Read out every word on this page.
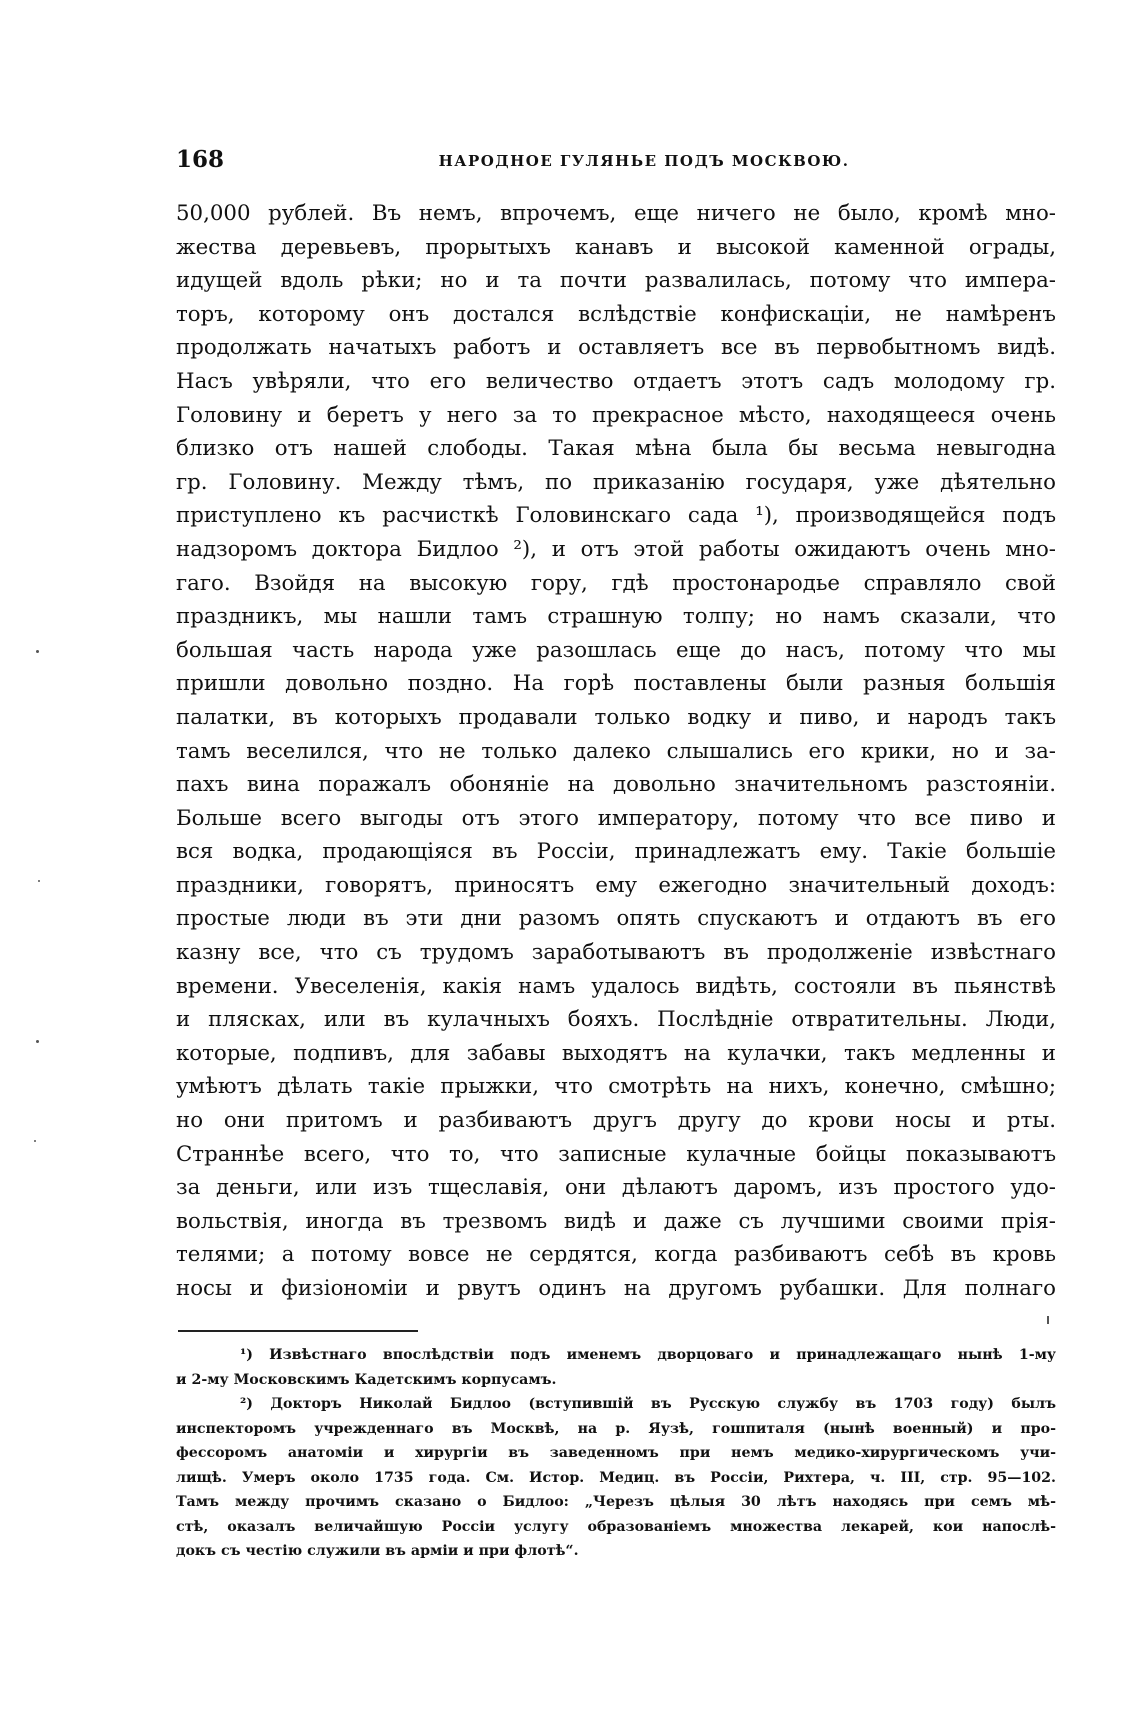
168	НАРОДНОЕ ГУЛЯНЬЕ ПОДЪ МОСКВОЮ.
50,000 рублей. Въ немъ, впрочемъ, еще ничего не было, кромѣ мно-
жества деревьевъ, прорытыхъ канавъ и высокой каменной ограды,
идущей вдоль рѣки; но и та почти развалилась, потому что импера-
торъ, которому онъ достался вслѣдствіе конфискаціи, не намѣренъ
продолжать начатыхъ работъ и оставляетъ все въ первобытномъ видѣ.
Насъ увѣряли, что его величество отдаетъ этотъ садъ молодому гр.
Головину и беретъ у него за то прекрасное мѣсто, находящееся очень
близко отъ нашей слободы. Такая мѣна была бы весьма невыгодна
гр. Головину. Между тѣмъ, по приказанію государя, уже дѣятельно
приступлено къ расчисткѣ Головинскаго сада ¹), производящейся подъ
надзоромъ доктора Бидлоо ²), и отъ этой работы ожидаютъ очень мно-
гаго. Взойдя на высокую гору, гдѣ простонародье справляло свой
праздникъ, мы нашли тамъ страшную толпу; но намъ сказали, что
большая часть народа уже разошлась еще до насъ, потому что мы
пришли довольно поздно. На горѣ поставлены были разныя большія
палатки, въ которыхъ продавали только водку и пиво, и народъ такъ
тамъ веселился, что не только далеко слышались его крики, но и за-
пахъ вина поражалъ обоняніе на довольно значительномъ разстояніи.
Больше всего выгоды отъ этого императору, потому что все пиво и
вся водка, продающіяся въ Россіи, принадлежатъ ему. Такіе большіе
праздники, говорятъ, приносятъ ему ежегодно значительный доходъ:
простые люди въ эти дни разомъ опять спускаютъ и отдаютъ въ его
казну все, что съ трудомъ заработываютъ въ продолженіе извѣстнаго
времени. Увеселенія, какія намъ удалось видѣть, состояли въ пьянствѣ
и плясках, или въ кулачныхъ бояхъ. Послѣдніе отвратительны. Люди,
которые, подпивъ, для забавы выходятъ на кулачки, такъ медленны и
умѣютъ дѣлать такіе прыжки, что смотрѣть на нихъ, конечно, смѣшно;
но они притомъ и разбиваютъ другъ другу до крови носы и рты.
Страннѣе всего, что то, что записные кулачные бойцы показываютъ
за деньги, или изъ тщеславія, они дѣлаютъ даромъ, изъ простого удо-
вольствія, иногда въ трезвомъ видѣ и даже съ лучшими своими прія-
телями; а потому вовсе не сердятся, когда разбиваютъ себѣ въ кровь
носы и физіономіи и рвутъ одинъ на другомъ рубашки. Для полнаго
¹) Извѣстнаго впослѣдствіи подъ именемъ дворцоваго и принадлежащаго нынѣ 1-му
и 2-му Московскимъ Кадетскимъ корпусамъ.
²) Докторъ Николай Бидлоо (вступившій въ Русскую службу въ 1703 году) былъ
инспекторомъ учрежденнаго въ Москвѣ, на р. Яузѣ, гошпиталя (нынѣ военный) и про-
фессоромъ анатоміи и хирургіи въ заведенномъ при немъ медико-хирургическомъ учи-
лищѣ. Умеръ около 1735 года. См. Истор. Медиц. въ Россіи, Рихтера, ч. III, стр. 95—102.
Тамъ между прочимъ сказано о Бидлоо: „Черезъ цѣлыя 30 лѣтъ находясь при семъ мѣ-
стѣ, оказалъ величайшую Россіи услугу образованіемъ множества лекарей, кои напослѣ-
докъ съ честію служили въ арміи и при флотѣ“.
